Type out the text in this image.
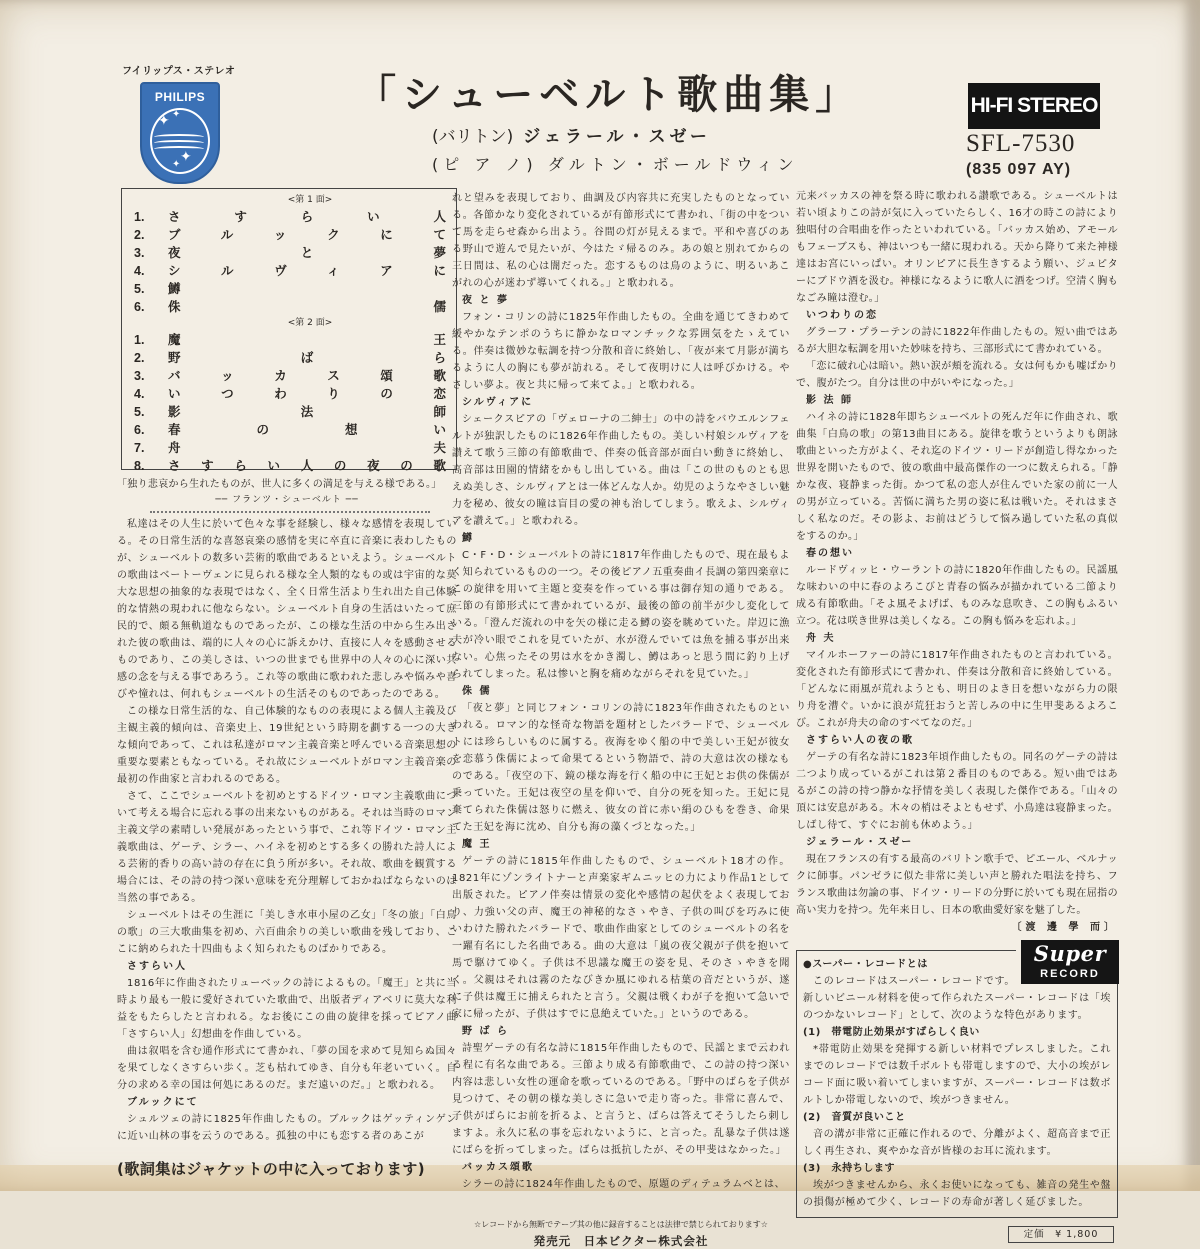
フイリップス・ステレオ
PHILIPS
✦ ✦
✦
✦
「シューベルト歌曲集」
(バリトン) ジェラール・スゼー
(ピ ア ノ) ダルトン・ボールドウィン
HI-FI STEREO
SFL-7530
(835 097 AY)
<第 1 面>
1.	さすらい人
2.	ブルックにて
3.	夜と夢
4.	シルヴィアに
5.	鱒
6.	侏儒
<第 2 面>
1.	魔王
2.	野ばら
3.	バッカス頌歌
4.	いつわりの恋
5.	影法師
6.	春の想い
7.	舟夫
8.	さすらい人の夜の歌
「独り悲哀から生れたものが、世人に多くの満足を与える様である。」
── フランツ・シューベルト ──

私達はその人生に於いて色々な事を経験し、様々な感情を表現している。その日常生活的な喜怒哀楽の感情を実に卒直に音楽に表わしたものが、シューベルトの数多い芸術的歌曲であるといえよう。シューベルトの歌曲はベートーヴェンに見られる様な全人類的なもの或は宇宙的な莫大な思想の抽象的な表現ではなく、全く日常生活より生れ出た自己体験的な情熱の現われに他ならない。シューベルト自身の生活はいたって庶民的で、頗る無軌道なものであったが、この様な生活の中から生み出された彼の歌曲は、端的に人々の心に訴えかけ、直接に人々を感動させるものであり、この美しさは、いつの世までも世界中の人々の心に深い共感の念を与える事であろう。これ等の歌曲に歌われた悲しみや悩みや喜びや憧れは、何れもシューベルトの生活そのものであったのである。

この様な日常生活的な、自己体験的なものの表現による個人主義及び主観主義的傾向は、音楽史上、19世紀という時期を劃する一つの大きな傾向であって、これは私達がロマン主義音楽と呼んでいる音楽思想の重要な要素ともなっている。それ故にシューベルトがロマン主義音楽の最初の作曲家と言われるのである。

さて、ここでシューベルトを初めとするドイツ・ロマン主義歌曲について考える場合に忘れる事の出来ないものがある。それは当時のロマン主義文学の素晴しい発展があったという事で、これ等ドイツ・ロマン主義歌曲は、ゲーテ、シラー、ハイネを初めとする多くの勝れた詩人による芸術的香りの高い詩の存在に負う所が多い。それ故、歌曲を観賞する場合には、その詩の持つ深い意味を充分理解しておかねばならないのは当然の事である。

シューベルトはその生涯に「美しき水車小屋の乙女」「冬の旅」「白鳥の歌」の三大歌曲集を初め、六百曲余りの美しい歌曲を残しており、ここに納められた十四曲もよく知られたものばかりである。

さすらい人

1816年に作曲されたリューベックの詩によるもの。「魔王」と共に当時より最も一般に愛好されていた歌曲で、出版者ディアベリに莫大な利益をもたらしたと言われる。なお後にこの曲の旋律を採ってピアノ曲「さすらい人」幻想曲を作曲している。

曲は叙唱を含む通作形式にて書かれ、「夢の国を求めて見知らぬ国々を果てしなくさすらい歩く。芝も枯れてゆき、自分も年老いていく。自分の求める幸の国は何処にあるのだ。まだ遠いのだ。」と歌われる。

ブルックにて

シュルツェの詩に1825年作曲したもの。ブルックはゲッティンゲンに近い山林の事を云うのである。孤独の中にも恋する者のあこが

(歌詞集はジャケットの中に入っております)

れと望みを表現しており、曲調及び内容共に充実したものとなっている。各節かなり変化されているが有節形式にて書かれ、「街の中をついて馬を走らせ森から出よう。谷間の灯が見えるまで。平和や喜びのある野山で遊んで見たいが、今はたゞ帰るのみ。あの娘と別れてからの三日間は、私の心は闇だった。恋するものは鳥のように、明るいあこがれの心が迷わず導いてくれる。」と歌われる。

夜 と 夢

フォン・コリンの詩に1825年作曲したもの。全曲を通じてきわめて緩やかなテンポのうちに静かなロマンチックな雰囲気をたゝえている。伴奏は微妙な転調を持つ分散和音に終始し、「夜が来て月影が満ちるように人の胸にも夢が訪れる。そして夜明けに人は呼びかける。やさしい夢よ。夜と共に帰って来てよ。」と歌われる。

シルヴィアに

シェークスピアの「ヴェローナの二紳士」の中の詩をバウエルンフェルトが独訳したものに1826年作曲したもの。美しい村娘シルヴィアを讃えて歌う三節の有節歌曲で、伴奏の低音部が面白い動きに終始し、高音部は田園的情緒をかもし出している。曲は「この世のものとも思えぬ美しさ、シルヴィアとは一体どんな人か。幼児のようなやさしい魅力を秘め、彼女の瞳は盲目の愛の神も治してしまう。歌えよ、シルヴィアを讃えて。」と歌われる。

鱒

C・F・D・シューバルトの詩に1817年作曲したもので、現在最もよく知られているものの一つ。その後ピアノ五重奏曲イ長調の第四楽章にこの旋律を用いて主題と変奏を作っている事は御存知の通りである。三節の有節形式にて書かれているが、最後の節の前半が少し変化している。「澄んだ流れの中を矢の様に走る鱒の姿を眺めていた。岸辺に漁夫が冷い眼でこれを見ていたが、水が澄んでいては魚を捕る事が出来ない。心焦ったその男は水をかき濁し、鱒はあっと思う間に釣り上げられてしまった。私は惨いと胸を痛めながらそれを見ていた。」

侏 儒

「夜と夢」と同じフォン・コリンの詩に1823年作曲されたものといわれる。ロマン的な怪奇な物語を題材としたバラードで、シューベルトには珍らしいものに属する。夜海をゆく船の中で美しい王妃が彼女を恋慕う侏儒によって命果てるという物語で、詩の大意は次の様なものである。「夜空の下、鏡の様な海を行く船の中に王妃とお供の侏儒が乗っていた。王妃は夜空の星を仰いで、自分の死を知った。王妃に見棄てられた侏儒は怒りに燃え、彼女の首に赤い絹のひもを巻き、命果てた王妃を海に沈め、自分も海の藻くづとなった。」

魔 王

ゲーテの詩に1815年作曲したもので、シューベルト18才の作。1821年にゾンライトナーと声楽家ギムニッヒの力により作品1として出版された。ピアノ伴奏は情景の変化や感情の起伏をよく表現しており、力強い父の声、魔王の神秘的なさゝやき、子供の叫びを巧みに使いわけた勝れたバラードで、歌曲作曲家としてのシューベルトの名を一躍有名にした名曲である。曲の大意は「嵐の夜父親が子供を抱いて馬で駆けてゆく。子供は不思議な魔王の姿を見、そのさゝやきを聞く。父親はそれは霧のたなびきか風にゆれる枯葉の音だというが、遂に子供は魔王に捕えられたと言う。父親は戦くわが子を抱いて急いで家に帰ったが、子供はすでに息絶えていた。」というのである。

野 ば ら

詩聖ゲーテの有名な詩に1815年作曲したもので、民謡とまで云われる程に有名な曲である。三節より成る有節歌曲で、この詩の持つ深い内容は悲しい女性の運命を歌っているのである。「野中のばらを子供が見つけて、その朝の様な美しさに急いで走り寄った。非常に喜んで、子供がばらにお前を折るよ、と言うと、ばらは答えてそうしたら刺しますよ。永久に私の事を忘れないように、と言った。乱暴な子供は遂にばらを折ってしまった。ばらは抵抗したが、その甲斐はなかった。」

バッカス頌歌

シラーの詩に1824年作曲したもので、原題のディテュラムベとは、

☆レコードから無断でテープ其の他に録音することは法律で禁じられております☆
発売元　日本ビクター株式会社

元来バッカスの神を祭る時に歌われる讃歌である。シューベルトは若い頃よりこの詩が気に入っていたらしく、16才の時この詩により独唱付の合唱曲を作ったといわれている。「バッカス始め、アモールもフェーブスも、神はいつも一緒に現われる。天から降りて来た神様達はお宮にいっぱい。オリンピアに長生きするよう願い、ジュピターにブドウ酒を汲む。神様になるように歌人に酒をつげ。空清く胸もなごみ瞳は澄む。」

いつわりの恋

グラーフ・プラーテンの詩に1822年作曲したもの。短い曲ではあるが大胆な転調を用いた妙味を持ち、三部形式にて書かれている。

「恋に破れ心は暗い。熱い涙が頬を流れる。女は何もかも嘘ばかりで、腹がたつ。自分は世の中がいやになった。」

影 法 師

ハイネの詩に1828年即ちシューベルトの死んだ年に作曲され、歌曲集「白鳥の歌」の第13曲目にある。旋律を歌うというよりも朗詠歌曲といった方がよく、それ迄のドイツ・リードが創造し得なかった世界を開いたもので、彼の歌曲中最高傑作の一つに数えられる。「静かな夜、寝静まった街。かつて私の恋人が住んでいた家の前に一人の男が立っている。苦悩に満ちた男の姿に私は戦いた。それはまさしく私なのだ。その影よ、お前はどうして悩み過していた私の真似をするのか。」

春の想い

ルードヴィッヒ・ウーラントの詩に1820年作曲したもの。民謡風な味わいの中に春のよろこびと青春の悩みが描かれている二節より成る有節歌曲。「そよ風そよげば、ものみな息吹き、この胸もふるい立つ。花は咲き世界は美しくなる。この胸も悩みを忘れよ。」

舟 夫

マイルホーファーの詩に1817年作曲されたものと言われている。変化された有節形式にて書かれ、伴奏は分散和音に終始している。「どんなに雨風が荒れようとも、明日のよき日を想いながら力の限り舟を漕ぐ。いかに浪が荒狂おうと苦しみの中に生甲斐あるよろこび。これが舟夫の命のすべてなのだ。」

さすらい人の夜の歌

ゲーテの有名な詩に1823年頃作曲したもの。同名のゲーテの詩は二つより成っているがこれは第２番目のものである。短い曲ではあるがこの詩の持つ静かな抒情を美しく表現した傑作である。「山々の頂には安息がある。木々の梢はそよともせず、小鳥達は寝静まった。しばし待て、すぐにお前も休めよう。」

ジェラール・スゼー

現在フランスの有する最高のバリトン歌手で、ピエール、ベルナックに師事。パンゼラに似た非常に美しい声と勝れた唱法を持ち、フランス歌曲は勿論の事、ドイツ・リードの分野に於いても現在屈指の高い実力を持つ。先年来日し、日本の歌曲愛好家を魅了した。

〔渡 邊 學 而〕
Super
RECORD
●スーパー・レコードとは

このレコードはスーパー・レコードです。新しいビニール材料を使って作られたスーパー・レコードは「埃のつかないレコード」として、次のような特色があります。

(1)　帯電防止効果がすばらしく良い

*帯電防止効果を発揮する新しい材料でプレスしました。これまでのレコードでは数千ボルトも帯電しますので、大小の埃がレコード面に吸い着いてしまいますが、スーパー・レコードは数ボルトしか帯電しないので、埃がつきません。

(2)　音質が良いこと

音の溝が非常に正確に作れるので、分離がよく、超高音まで正しく再生され、爽やかな音が皆様のお耳に流れます。

(3)　永持ちします

埃がつきませんから、永くお使いになっても、雑音の発生や盤の損傷が極めて少く、レコードの寿命が著しく延びました。

定価　¥ 1,800
